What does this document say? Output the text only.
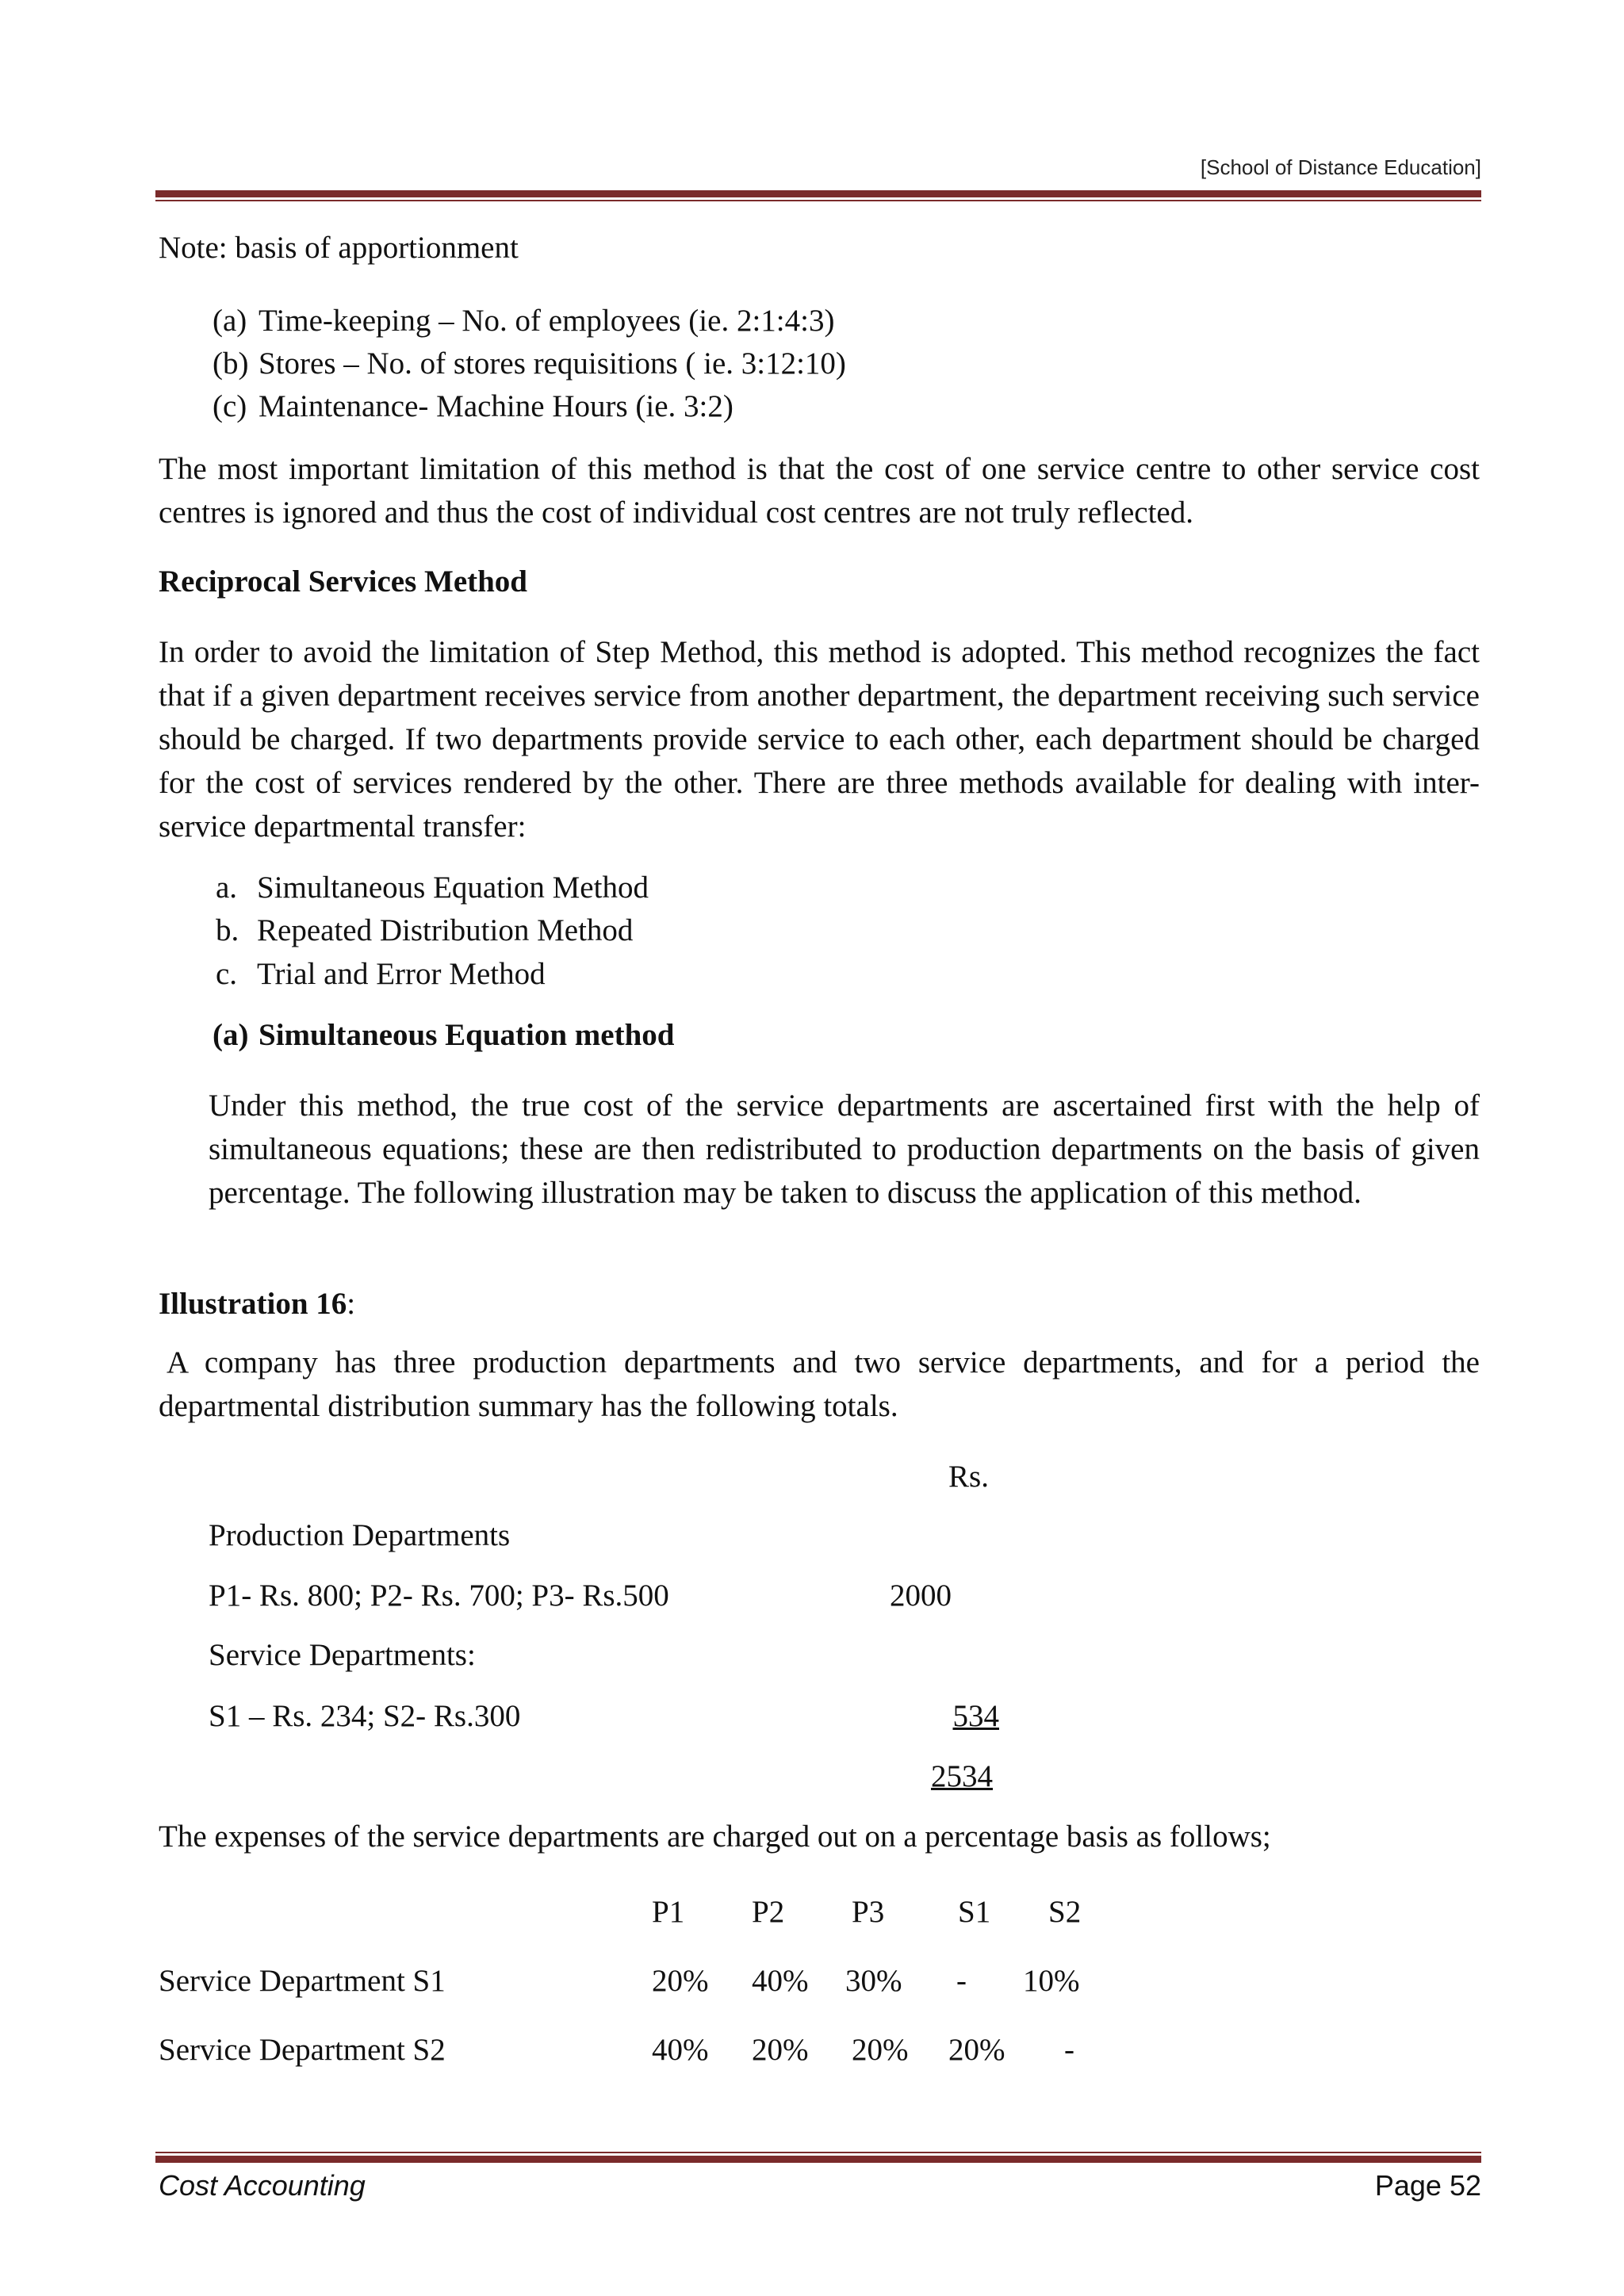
[School of Distance Education]
Note: basis of apportionment
(a) Time-keeping – No. of employees (ie. 2:1:4:3)
(b) Stores – No. of stores requisitions ( ie. 3:12:10)
(c) Maintenance- Machine Hours (ie. 3:2)

The most important limitation of this method is that the cost of one service centre to other service cost centres is ignored and thus the cost of individual cost centres are not truly reflected.

Reciprocal Services Method

In order to avoid the limitation of Step Method, this method is adopted. This method recognizes the fact that if a given department receives service from another department, the department receiving such service should be charged. If two departments provide service to each other, each department should be charged for the cost of services rendered by the other. There are three methods available for dealing with inter-service departmental transfer:

a. Simultaneous Equation Method
b. Repeated Distribution Method
c. Trial and Error Method
(a) Simultaneous Equation method

Under this method, the true cost of the service departments are ascertained first with the help of simultaneous equations; these are then redistributed to production departments on the basis of given percentage. The following illustration may be taken to discuss the application of this method.

Illustration 16:

A company has three production departments and two service departments, and for a period the departmental distribution summary has the following totals.

Rs.
Production Departments
P1- Rs. 800; P2- Rs. 700; P3- Rs.500	2000
Service Departments:
S1 – Rs. 234; S2- Rs.300	534
2534
The expenses of the service departments are charged out on a percentage basis as follows;
P1 P2 P3 S1 S2
Service Department S1	20% 40% 30% - 10%
Service Department S2	40% 20% 20% 20% -
Cost Accounting	Page 52
